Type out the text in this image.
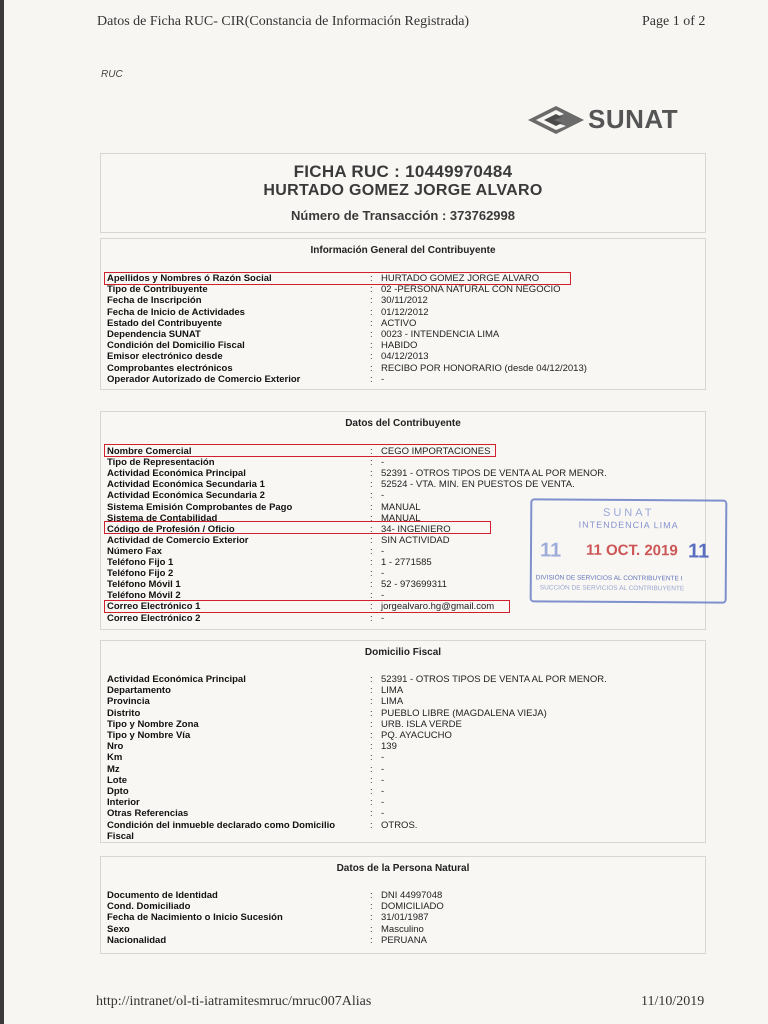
Datos de Ficha RUC- CIR(Constancia de Información Registrada)	Page 1 of 2
RUC
SUNAT
FICHA RUC : 10449970484
HURTADO GOMEZ JORGE ALVARO
Número de Transacción : 373762998
Información General del Contribuyente
Apellidos y Nombres ó Razón Social	: HURTADO GOMEZ JORGE ALVARO
Tipo de Contribuyente	: 02 -PERSONA NATURAL CON NEGOCIO
Fecha de Inscripción	: 30/11/2012
Fecha de Inicio de Actividades	: 01/12/2012
Estado del Contribuyente	: ACTIVO
Dependencia SUNAT	: 0023 - INTENDENCIA LIMA
Condición del Domicilio Fiscal	: HABIDO
Emisor electrónico desde	: 04/12/2013
Comprobantes electrónicos	: RECIBO POR HONORARIO (desde 04/12/2013)
Operador Autorizado de Comercio Exterior	: -
Datos del Contribuyente
Nombre Comercial	: CEGO IMPORTACIONES
Tipo de Representación	: -
Actividad Económica Principal	: 52391 - OTROS TIPOS DE VENTA AL POR MENOR.
Actividad Económica Secundaria 1	: 52524 - VTA. MIN. EN PUESTOS DE VENTA.
Actividad Económica Secundaria 2	: -
Sistema Emisión Comprobantes de Pago	: MANUAL
Sistema de Contabilidad	: MANUAL
Código de Profesión / Oficio	: 34- INGENIERO
Actividad de Comercio Exterior	: SIN ACTIVIDAD
Número Fax	: -
Teléfono Fijo 1	: 1 - 2771585
Teléfono Fijo 2	: -
Teléfono Móvil 1	: 52 - 973699311
Teléfono Móvil 2	: -
Correo Electrónico 1	: jorgealvaro.hg@gmail.com
Correo Electrónico 2	: -
Domicilio Fiscal
Actividad Económica Principal	: 52391 - OTROS TIPOS DE VENTA AL POR MENOR.
Departamento	: LIMA
Provincia	: LIMA
Distrito	: PUEBLO LIBRE (MAGDALENA VIEJA)
Tipo y Nombre Zona	: URB. ISLA VERDE
Tipo y Nombre Vía	: PQ. AYACUCHO
Nro	: 139
Km	: -
Mz	: -
Lote	: -
Dpto	: -
Interior	: -
Otras Referencias	: -
Condición del inmueble declarado como Domicilio	: OTROS.
Fiscal
Datos de la Persona Natural
Documento de Identidad	: DNI 44997048
Cond. Domiciliado	: DOMICILIADO
Fecha de Nacimiento o Inicio Sucesión	: 31/01/1987
Sexo	: Masculino
Nacionalidad	: PERUANA
SUNAT
INTENDENCIA LIMA
11 11 OCT. 2019 11
DIVISIÓN DE SERVICIOS AL CONTRIBUYENTE I
SUCCIÓN DE SERVICIOS AL CONTRIBUYENTE
http://intranet/ol-ti-iatramitesmruc/mruc007Alias	11/10/2019
